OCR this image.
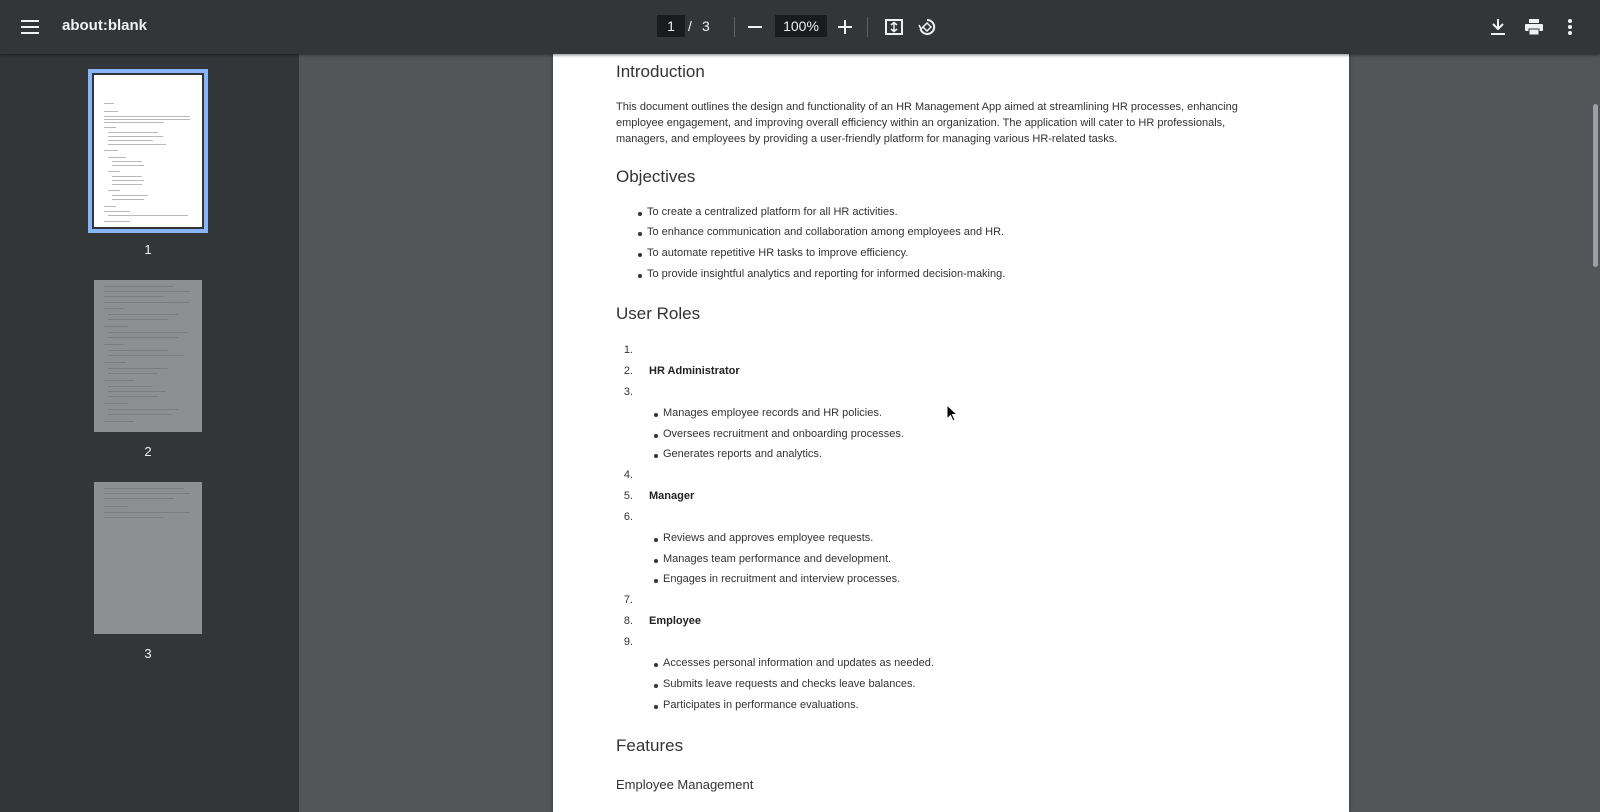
about:blank
1	/ 3
100%
1
2
3
Introduction
This document outlines the design and functionality of an HR Management App aimed at streamlining HR processes, enhancing employee engagement, and improving overall efficiency within an organization. The application will cater to HR professionals, managers, and employees by providing a user-friendly platform for managing various HR-related tasks.
Objectives
To create a centralized platform for all HR activities.
To enhance communication and collaboration among employees and HR.
To automate repetitive HR tasks to improve efficiency.
To provide insightful analytics and reporting for informed decision-making.
User Roles
1.
2. HR Administrator
3.
Manages employee records and HR policies.
Oversees recruitment and onboarding processes.
Generates reports and analytics.
4.
5. Manager
6.
Reviews and approves employee requests.
Manages team performance and development.
Engages in recruitment and interview processes.
7.
8. Employee
9.
Accesses personal information and updates as needed.
Submits leave requests and checks leave balances.
Participates in performance evaluations.
Features
Employee Management
